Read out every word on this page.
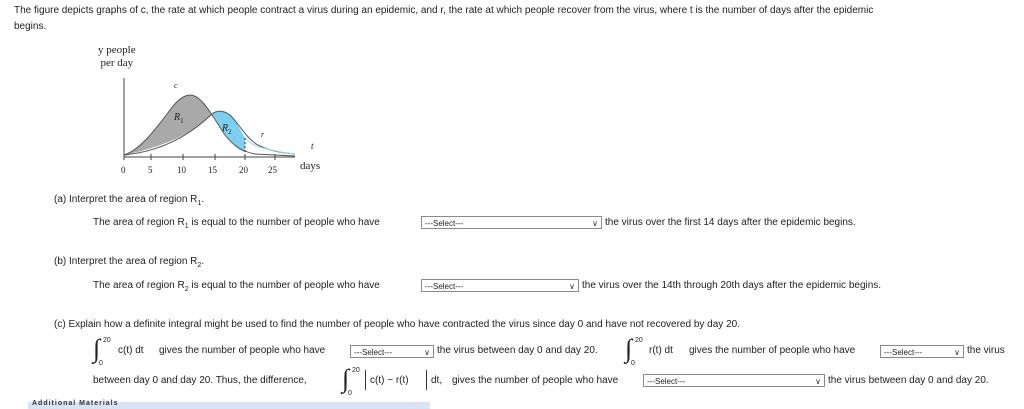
The figure depicts graphs of c, the rate at which people contract a virus during an epidemic, and r, the rate at which people recover from the virus, where t is the number of days after the epidemic
begins.
y people
per day
c
r
$R_1$
$R_2$
t
days
0	5	10 15 20 25
(a) Interpret the area of region $R_1$.
The area of region $R_1$ is equal to the number of people who have	---Select---	∨ the virus over the first 14 days after the epidemic begins.
(b) Interpret the area of region $R_2$.
The area of region $R_2$ is equal to the number of people who have	---Select---	∨ the virus over the 14th through 20th days after the epidemic begins.
(c) Explain how a definite integral might be used to find the number of people who have contracted the virus since day 0 and have not recovered by day 20.
∫ 20
0
c(t) dt gives the number of people who have	---Select---	∨ the virus between day 0 and day 20. ∫ 20
0
r(t) dt gives the number of people who have	---Select---	∨ the virus
between day 0 and day 20. Thus, the difference, ∫ 20
0
c(t) − r(t) dt, gives the number of people who have	---Select---	∨ the virus between day 0 and day 20.
Additional Materials
